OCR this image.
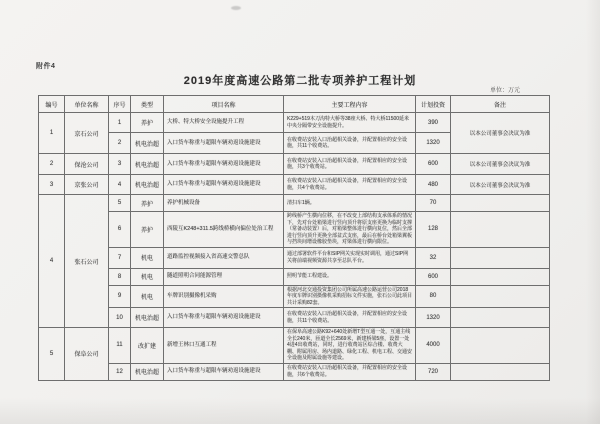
附件4
2019年度高速公路第二批专项养护工程计划
单位：万元
编号	单位名称	序号	类型	项目名称	主要工程内容	计划投资	备注
1	京石公司	1	养护	大桥、特大桥安全设施提升工程	K229+519木刀沟特大桥等38座大桥、特大桥11500延米中央分隔带安全设施提升。	390	以本公司董事会决议为准
		2	机电治超	入口货车称重与超限车辆劝返设施建设	在收费站安装入口治超相关设备，并配置相应的安全设施，共11个收费站。	1320	
2	保沧公司	3	机电治超	入口货车称重与超限车辆劝返设施建设	在收费站安装入口治超相关设备，并配置相应的安全设施，共3个收费站。	600	以本公司董事会决议为准
3	京张公司	4	机电治超	入口货车称重与超限车辆劝返设施建设	在收费站安装入口治超相关设备，并配置相应的安全设施，共4个收费站。	480	以本公司董事会决议为准
4	张石公司	5	养护	养护机械设备	清扫车1辆。	70	
		6	养护	西陵互K248+311.5跨线桥横向偏位处治工程	跨线桥产生横向位移，在不改变上部结构支承体系的情况下，先对台处箱梁进行竖向顶升将原支座更换为临时支撑（常备动装置）后，对箱梁整体进行横向复位，然后全部进行竖向顶升更换全部盆式支座，最后在桥台处箱梁翼板与挡块间增设橡胶垫块，对梁体进行横向限位。	128	
		7	机电	道路监控视频接入省高速交警总队	通过部署软件平台和SIP网关实现实时调用，通过SIP网关将前端视频资源共享至总队平台。	32	
		8	机电	隧道照明合同能源管理	照明节能工程建设。	600	
		9	机电	车牌识别摄像机采购	根据河北交通投资集团公司所属高速公路运营公司2018年度车牌识别摄像机采购招标文件实施，张石公司此项目共计采购82套。	80	
		10	机电治超	入口货车称重与超限车辆劝返设施建设	在收费站安装入口治超相关设备，并配置相应的安全设施，共11个收费站。	1320	
5	保阜公司	11	改扩建	新增王林口互通工程	在保阜高速公路K92+640处新增T型互通一处，互通主线全长240米，匝道全长2569米，新建桥梁5座，设置一处4进4出收费站，同时，进行收费站区综合楼、收费大棚、附属用房、场内道路、绿化工程、机电工程、交通安全设施及附属设施等建设。	4000	
		12	机电治超	入口货车称重与超限车辆劝返设施建设	在收费站安装入口治超相关设备，并配置相应的安全设施，共6个收费站。	720	
